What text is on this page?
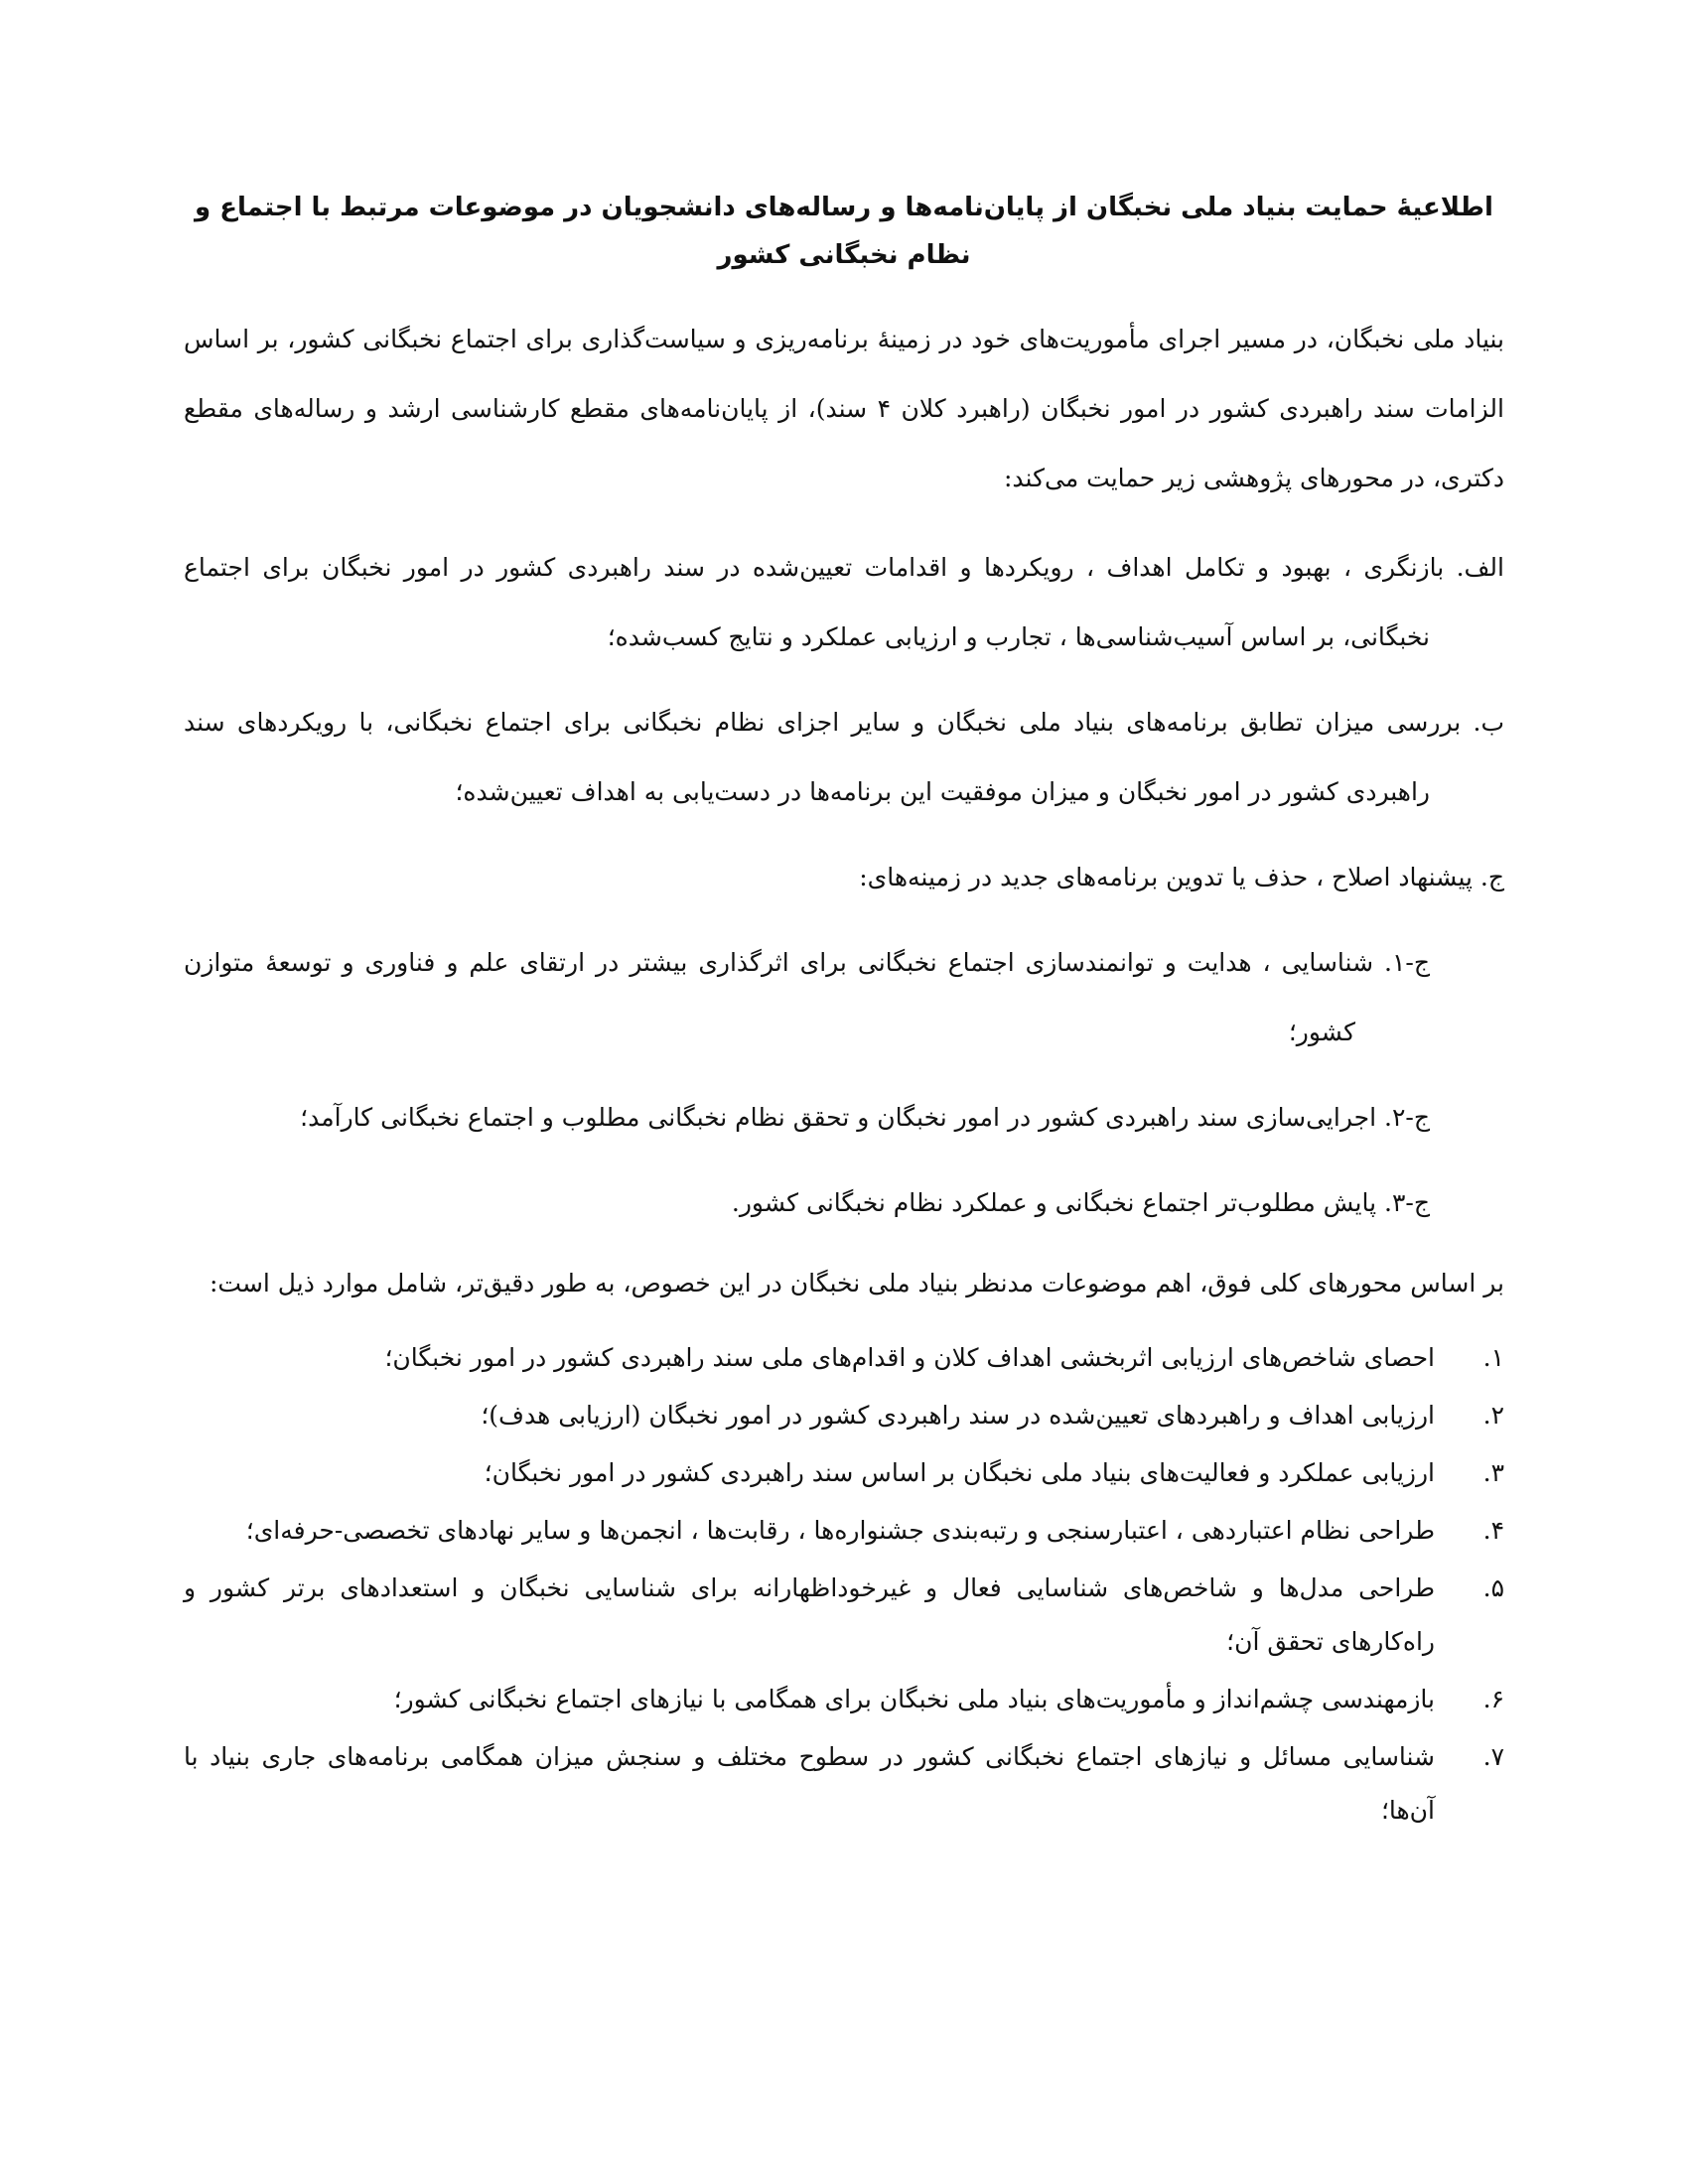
اطلاعیهٔ حمایت بنیاد ملی نخبگان از پایان‌نامه‌ها و رساله‌های دانشجویان در موضوعات مرتبط با اجتماع و نظام نخبگانی کشور

بنیاد ملی نخبگان، در مسیر اجرای مأموریت‌های خود در زمینهٔ برنامه‌ریزی و سیاست‌گذاری برای اجتماع نخبگانی کشور، بر اساس الزامات سند راهبردی کشور در امور نخبگان (راهبرد کلان ۴ سند)، از پایان‌نامه‌های مقطع کارشناسی ارشد و رساله‌های مقطع دکتری، در محورهای پژوهشی زیر حمایت می‌کند:

الف. بازنگری ، بهبود و تکامل اهداف ، رویکردها و اقدامات تعیین‌شده در سند راهبردی کشور در امور نخبگان برای اجتماع نخبگانی، بر اساس آسیب‌شناسی‌ها ، تجارب و ارزیابی عملکرد و نتایج کسب‌شده؛

ب. بررسی میزان تطابق برنامه‌های بنیاد ملی نخبگان و سایر اجزای نظام نخبگانی برای اجتماع نخبگانی، با رویکردهای سند راهبردی کشور در امور نخبگان و میزان موفقیت این برنامه‌ها در دست‌یابی به اهداف تعیین‌شده؛

ج. پیشنهاد اصلاح ، حذف یا تدوین برنامه‌های جدید در زمینه‌های:

ج-۱. شناسایی ، هدایت و توانمندسازی اجتماع نخبگانی برای اثرگذاری بیشتر در ارتقای علم و فناوری و توسعهٔ متوازن کشور؛

ج-۲. اجرایی‌سازی سند راهبردی کشور در امور نخبگان و تحقق نظام نخبگانی مطلوب و اجتماع نخبگانی کارآمد؛

ج-۳. پایش مطلوب‌تر اجتماع نخبگانی و عملکرد نظام نخبگانی کشور.

بر اساس محورهای کلی فوق، اهم موضوعات مدنظر بنیاد ملی نخبگان در این خصوص، به طور دقیق‌تر، شامل موارد ذیل است:

۱.
احصای شاخص‌های ارزیابی اثربخشی اهداف کلان و اقدام‌های ملی سند راهبردی کشور در امور نخبگان؛
۲.
ارزیابی اهداف و راهبردهای تعیین‌شده در سند راهبردی کشور در امور نخبگان (ارزیابی هدف)؛
۳.
ارزیابی عملکرد و فعالیت‌های بنیاد ملی نخبگان بر اساس سند راهبردی کشور در امور نخبگان؛
۴.
طراحی نظام اعتباردهی ، اعتبارسنجی و رتبه‌بندی جشنواره‌ها ، رقابت‌ها ، انجمن‌ها و سایر نهادهای تخصصی-حرفه‌ای؛
۵.
طراحی مدل‌ها و شاخص‌های شناسایی فعال و غیرخوداظهارانه برای شناسایی نخبگان و استعدادهای برتر کشور و راه‌کارهای تحقق آن؛
۶.
بازمهندسی چشم‌انداز و مأموریت‌های بنیاد ملی نخبگان برای همگامی با نیازهای اجتماع نخبگانی کشور؛
۷.
شناسایی مسائل و نیازهای اجتماع نخبگانی کشور در سطوح مختلف و سنجش میزان همگامی برنامه‌های جاری بنیاد با آن‌ها؛
